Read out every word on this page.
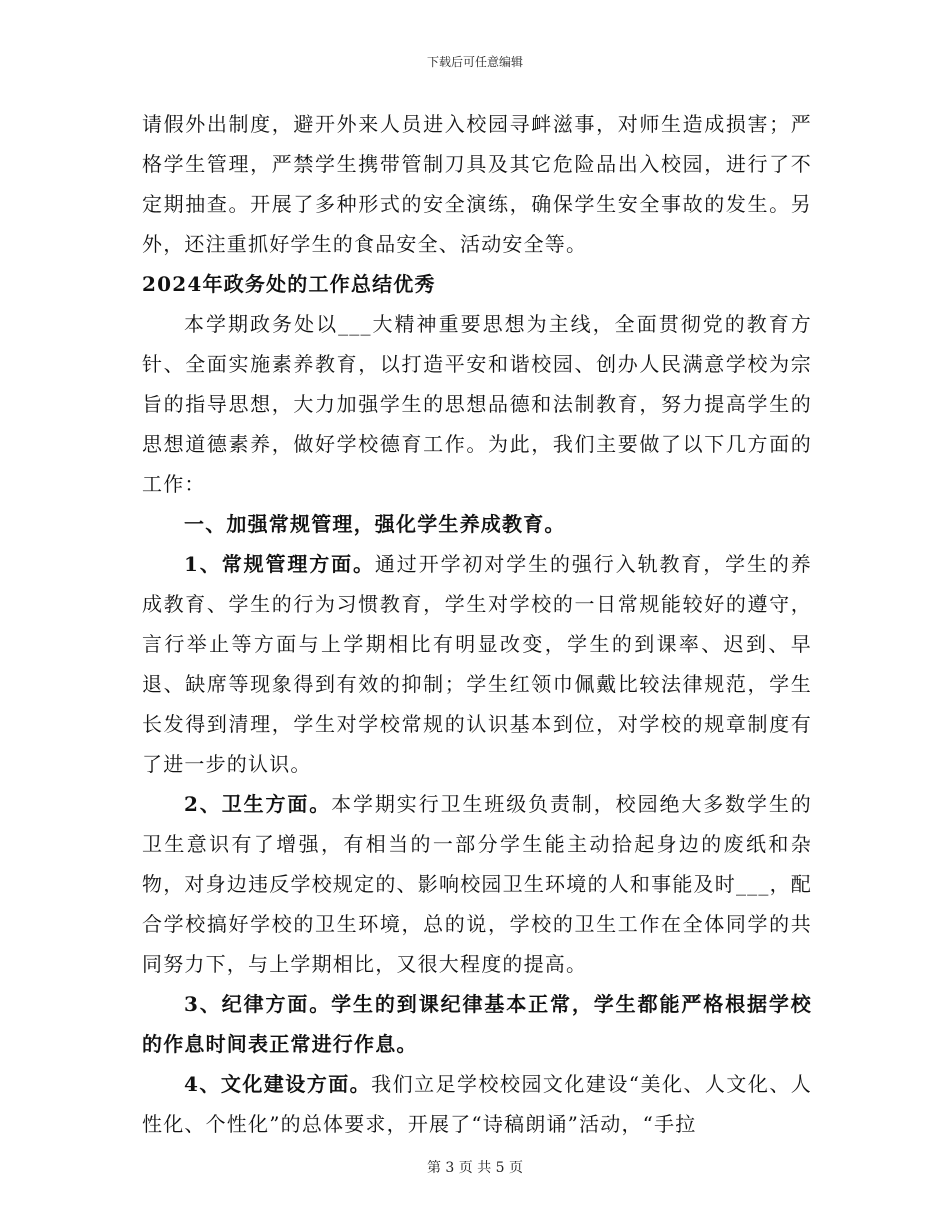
下载后可任意编辑

请假外出制度，避开外来人员进入校园寻衅滋事，对师生造成损害；严格学生管理，严禁学生携带管制刀具及其它危险品出入校园，进行了不定期抽查。开展了多种形式的安全演练，确保学生安全事故的发生。另外，还注重抓好学生的食品安全、活动安全等。

2024年政务处的工作总结优秀

本学期政务处以___大精神重要思想为主线，全面贯彻党的教育方针、全面实施素养教育，以打造平安和谐校园、创办人民满意学校为宗旨的指导思想，大力加强学生的思想品德和法制教育，努力提高学生的思想道德素养，做好学校德育工作。为此，我们主要做了以下几方面的工作：

一、加强常规管理，强化学生养成教育。

1、常规管理方面。通过开学初对学生的强行入轨教育，学生的养成教育、学生的行为习惯教育，学生对学校的一日常规能较好的遵守，言行举止等方面与上学期相比有明显改变，学生的到课率、迟到、早退、缺席等现象得到有效的抑制；学生红领巾佩戴比较法律规范，学生长发得到清理，学生对学校常规的认识基本到位，对学校的规章制度有了进一步的认识。

2、卫生方面。本学期实行卫生班级负责制，校园绝大多数学生的卫生意识有了增强，有相当的一部分学生能主动拾起身边的废纸和杂物，对身边违反学校规定的、影响校园卫生环境的人和事能及时___，配合学校搞好学校的卫生环境，总的说，学校的卫生工作在全体同学的共同努力下，与上学期相比，又很大程度的提高。

3、纪律方面。学生的到课纪律基本正常，学生都能严格根据学校的作息时间表正常进行作息。

4、文化建设方面。我们立足学校校园文化建设“美化、人文化、人性化、个性化”的总体要求，开展了“诗稿朗诵”活动，“手拉

第 3 页 共 5 页
